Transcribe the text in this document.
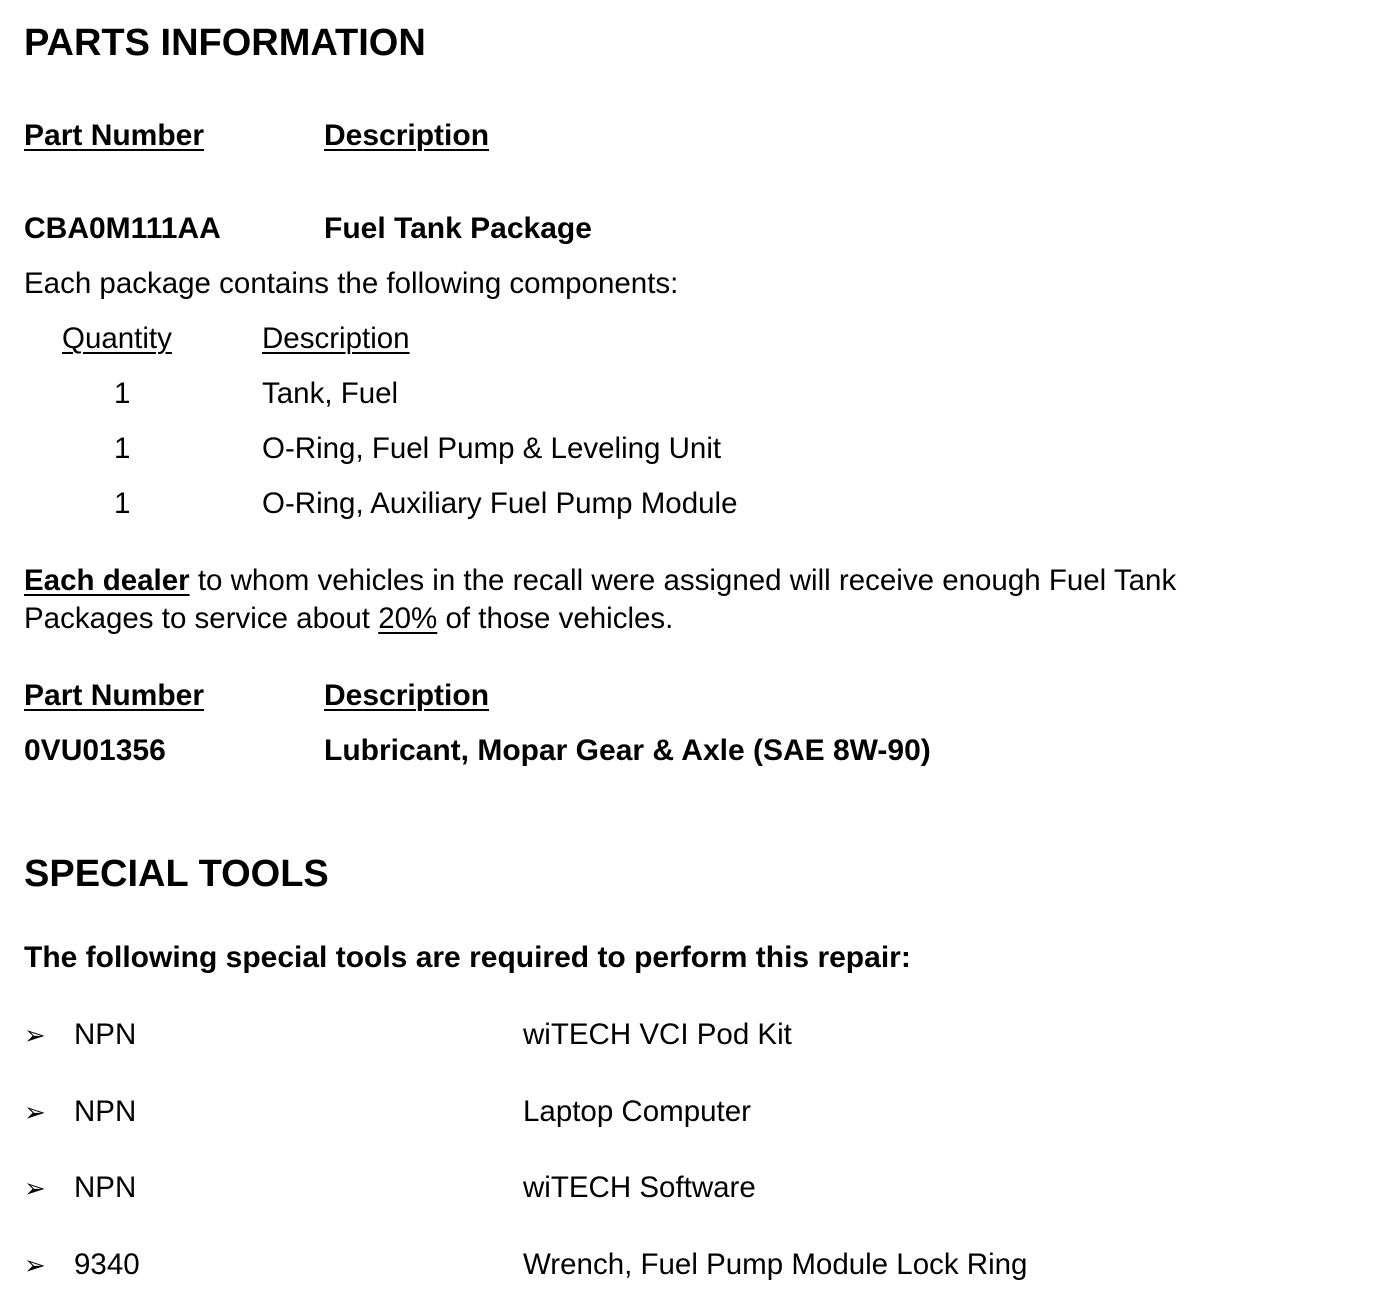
PARTS INFORMATION
Part Number	Description
CBA0M111AA	Fuel Tank Package
Each package contains the following components:
Quantity	Description
1	Tank, Fuel
1	O-Ring, Fuel Pump & Leveling Unit
1	O-Ring, Auxiliary Fuel Pump Module
Each dealer to whom vehicles in the recall were assigned will receive enough Fuel Tank
Packages to service about 20% of those vehicles.
Part Number	Description
0VU01356	Lubricant, Mopar Gear & Axle (SAE 8W-90)
SPECIAL TOOLS
The following special tools are required to perform this repair:
➢ NPN	wiTECH VCI Pod Kit
➢ NPN	Laptop Computer
➢ NPN	wiTECH Software
➢ 9340	Wrench, Fuel Pump Module Lock Ring
